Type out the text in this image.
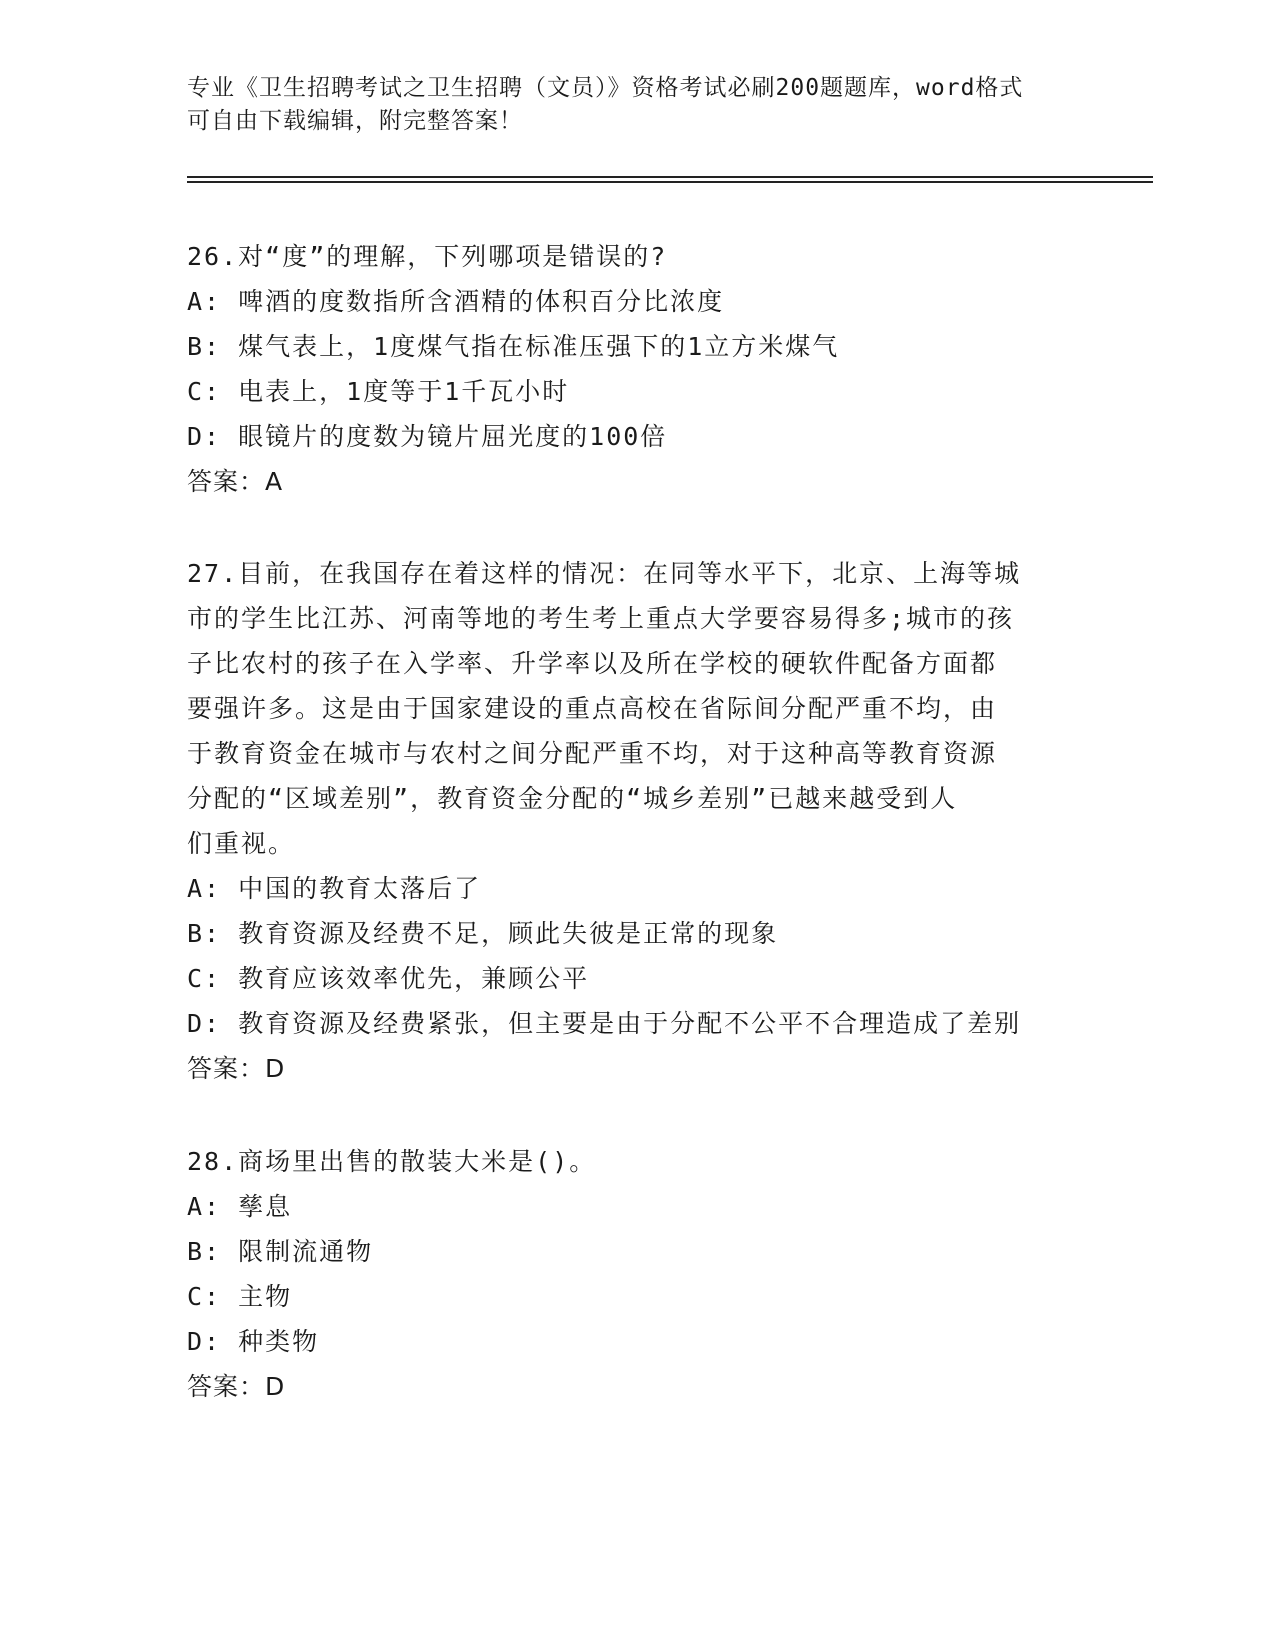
专业《卫生招聘考试之卫生招聘（文员）》资格考试必刷200题题库，word格式
可自由下载编辑，附完整答案！
26.对“度”的理解，下列哪项是错误的?
A: 啤酒的度数指所含酒精的体积百分比浓度
B: 煤气表上，1度煤气指在标准压强下的1立方米煤气
C: 电表上，1度等于1千瓦小时
D: 眼镜片的度数为镜片屈光度的100倍
答案：A
27.目前，在我国存在着这样的情况：在同等水平下，北京、上海等城
市的学生比江苏、河南等地的考生考上重点大学要容易得多;城市的孩
子比农村的孩子在入学率、升学率以及所在学校的硬软件配备方面都
要强许多。这是由于国家建设的重点高校在省际间分配严重不均，由
于教育资金在城市与农村之间分配严重不均，对于这种高等教育资源
分配的“区域差别”，教育资金分配的“城乡差别”已越来越受到人
们重视。
A: 中国的教育太落后了
B: 教育资源及经费不足，顾此失彼是正常的现象
C: 教育应该效率优先，兼顾公平
D: 教育资源及经费紧张，但主要是由于分配不公平不合理造成了差别
答案：D
28.商场里出售的散装大米是()。
A: 孳息
B: 限制流通物
C: 主物
D: 种类物
答案：D
